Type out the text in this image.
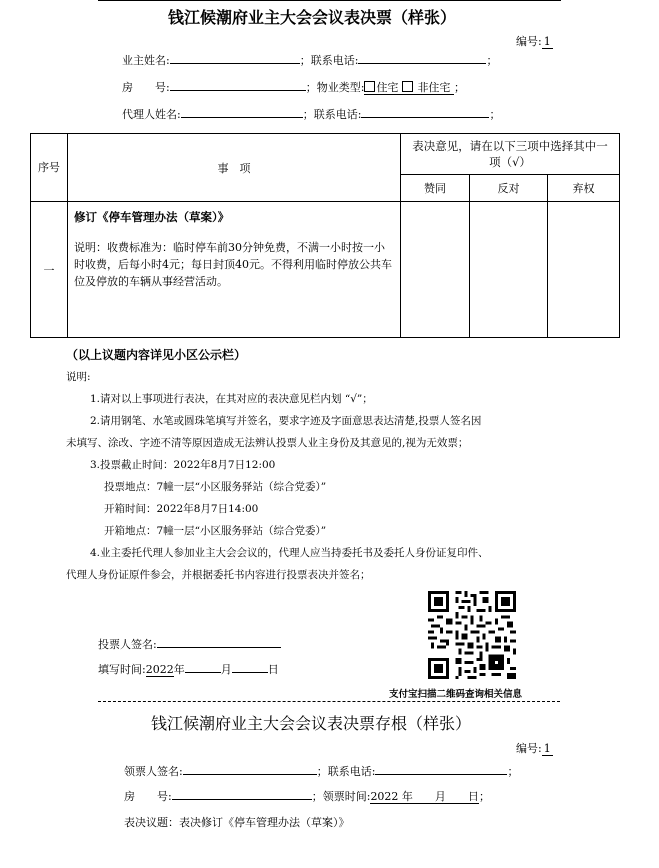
钱江候潮府业主大会会议表决票（样张）
编号: 1
业主姓名:	；联系电话:	；
房　　号:	；物业类型: 住宅 非住宅 ；
代理人姓名:	；联系电话:	；
序号	事　项	表决意见，请在以下三项中选择其中一项（√）		
		赞同	反对	弃权
一	修订《停车管理办法（草案）》
说明：收费标准为：临时停车前30分钟免费，不满一小时按一小时收费，后每小时4元；每日封顶40元。不得利用临时停放公共车位及停放的车辆从事经营活动。			

（以上议题内容详见小区公示栏）
说明:
1.请对以上事项进行表决，在其对应的表决意见栏内划 “√”；
2.请用钢笔、水笔或圆珠笔填写并签名，要求字迹及字面意思表达清楚,投票人签名因
未填写、涂改、字迹不清等原因造成无法辨认投票人业主身份及其意见的,视为无效票；
3.投票截止时间：2022年8月7日12:00
投票地点：7幢一层“小区服务驿站（综合党委）”
开箱时间：2022年8月7日14:00
开箱地点：7幢一层“小区服务驿站（综合党委）”
4.业主委托代理人参加业主大会会议的，代理人应当持委托书及委托人身份证复印件、
代理人身份证原件参会，并根据委托书内容进行投票表决并签名；
投票人签名:
填写时间:2022年	月	日
支付宝扫描二维码查询相关信息
钱江候潮府业主大会会议表决票存根（样张）
编号: 1
领票人签名:	；联系电话:	；
房　　号:	；领票时间:2022 年　　月　　日；
表决议题：表决修订《停车管理办法（草案）》
